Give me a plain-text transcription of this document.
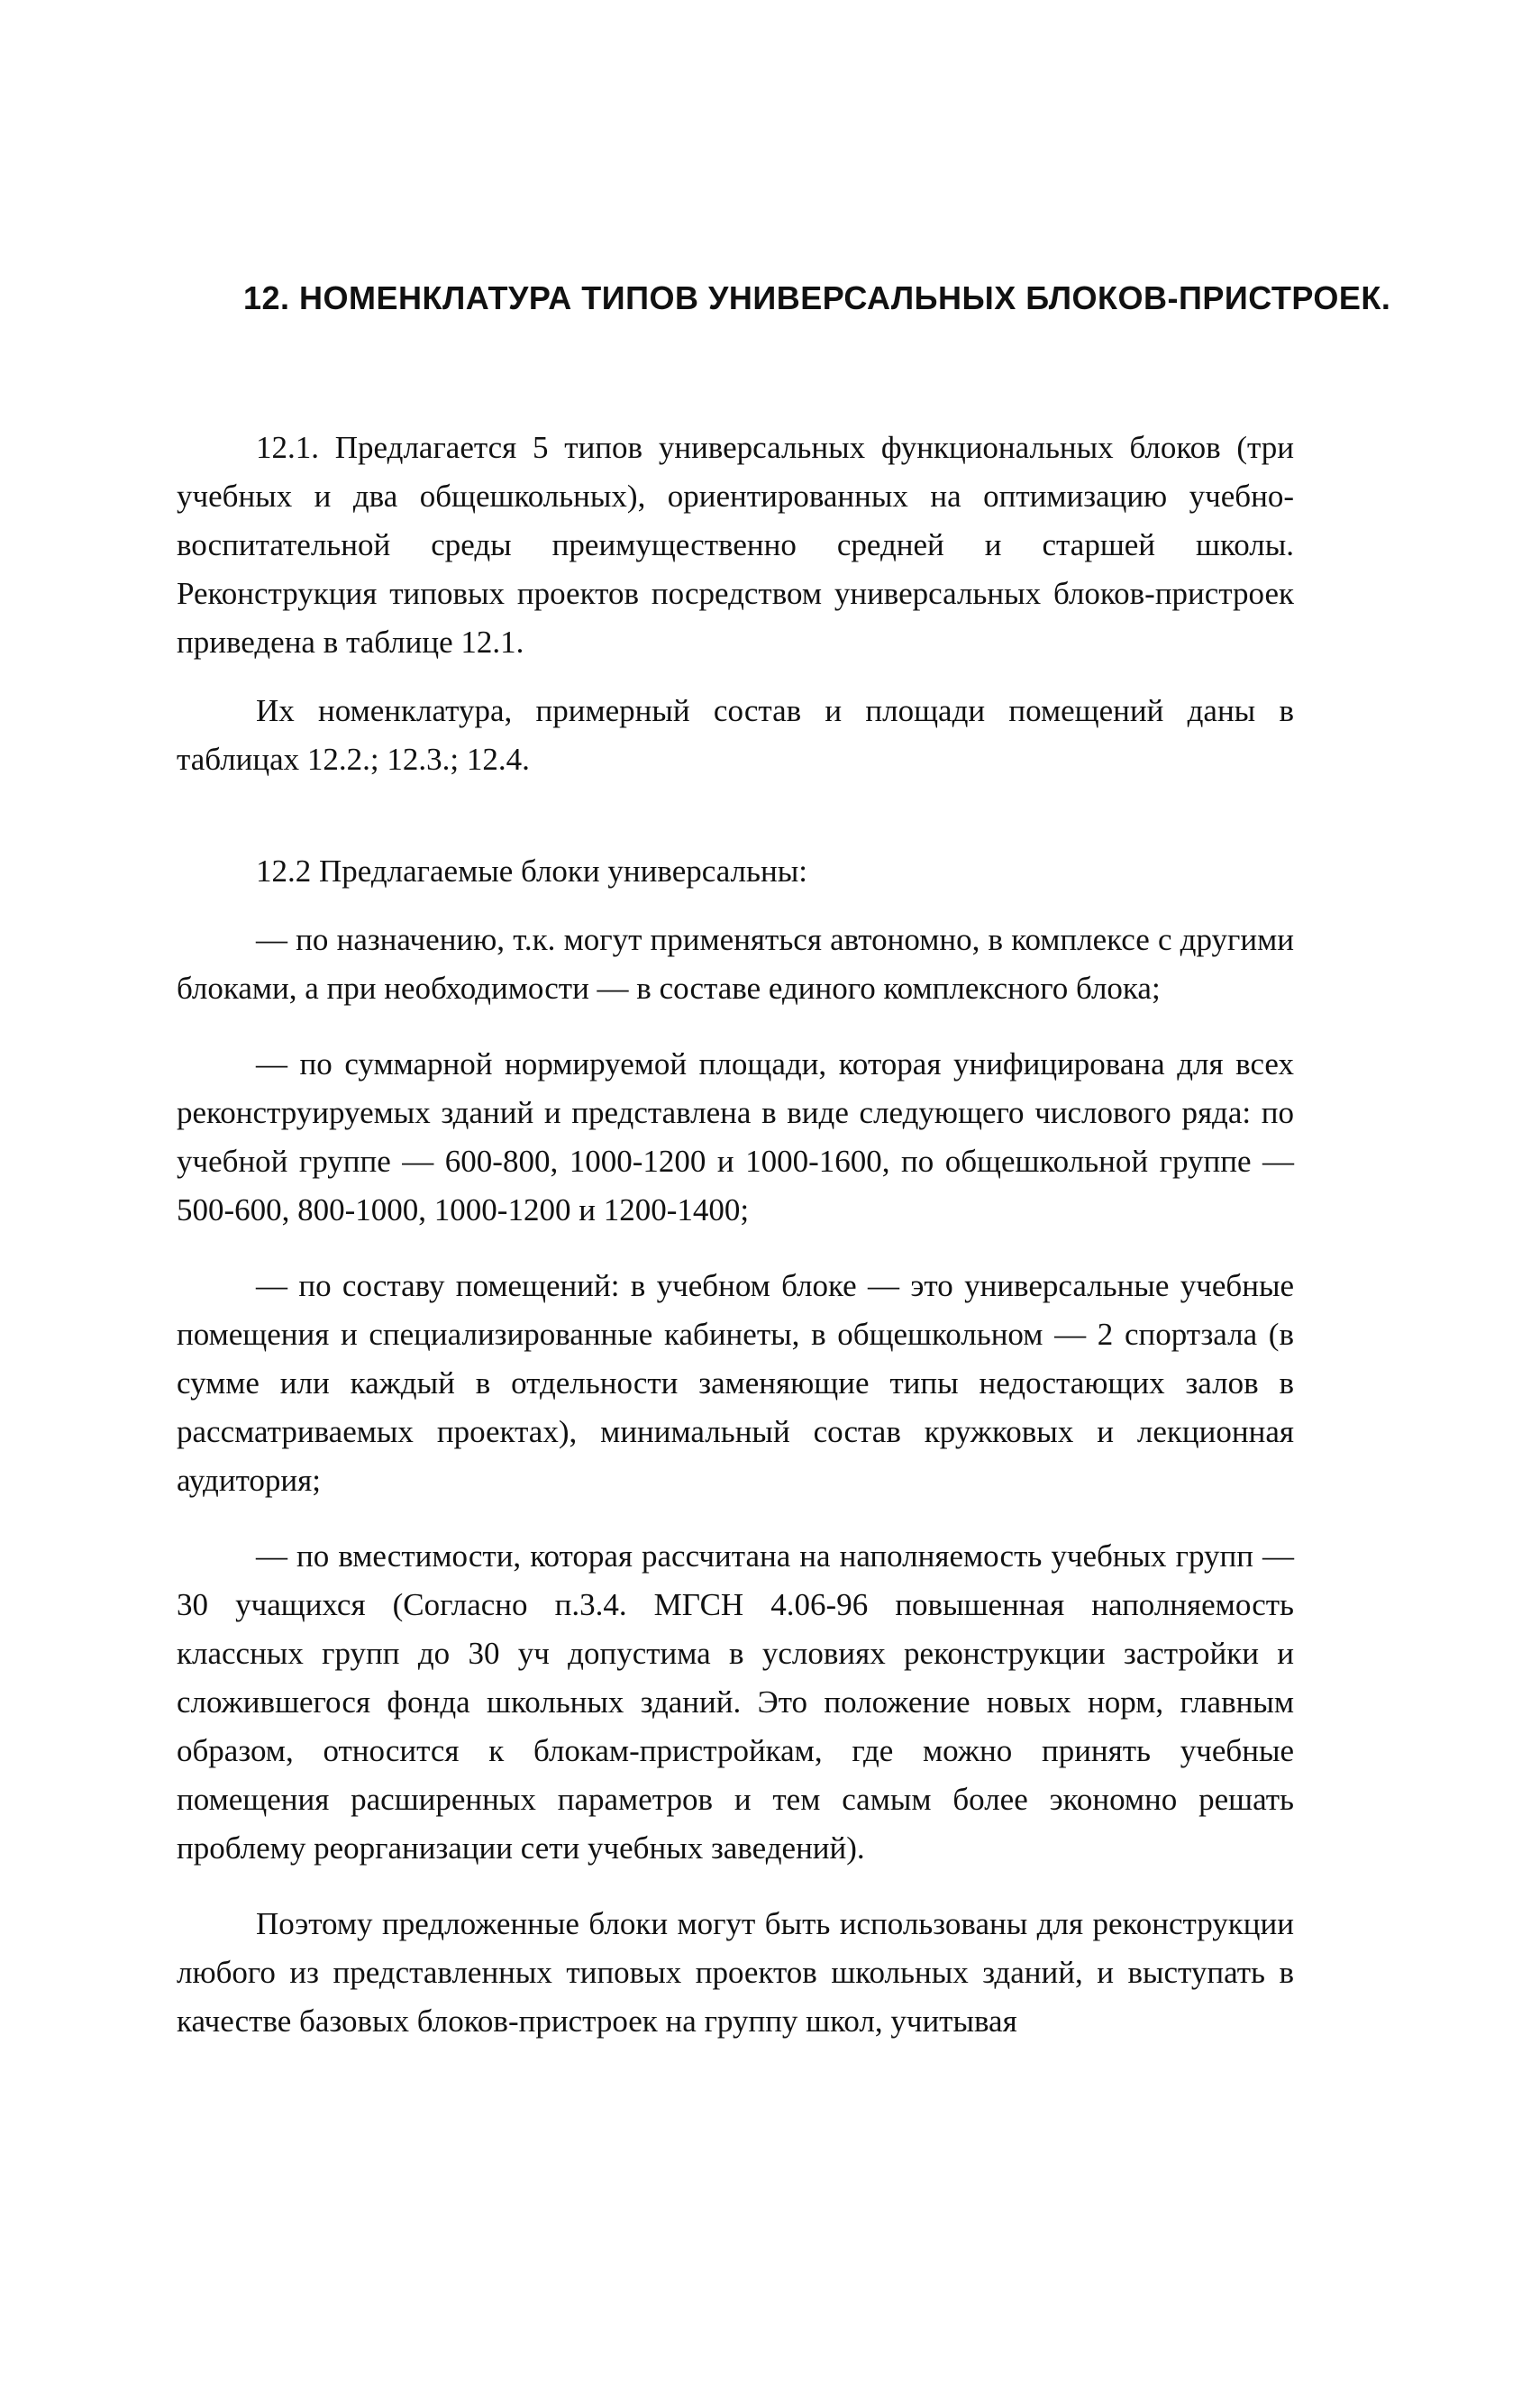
12. НОМЕНКЛАТУРА ТИПОВ УНИВЕРСАЛЬНЫХ БЛОКОВ-ПРИСТРОЕК.

12.1. Предлагается 5 типов универсальных функциональных блоков (три учебных и два общешкольных), ориентированных на оптимизацию учебно-воспитательной среды преимущественно средней и старшей школы. Реконструкция типовых проектов посредством универсальных блоков-пристроек приведена в таблице 12.1.

Их номенклатура, примерный состав и площади помещений даны в таблицах 12.2.; 12.3.; 12.4.

12.2 Предлагаемые блоки универсальны:

— по назначению, т.к. могут применяться автономно, в комплексе с другими блоками, а при необходимости — в составе единого комплексного блока;

— по суммарной нормируемой площади, которая унифицирована для всех реконструируемых зданий и представлена в виде следующего числового ряда: по учебной группе — 600-800, 1000-1200 и 1000-1600, по общешкольной группе — 500-600, 800-1000, 1000-1200 и 1200-1400;

— по составу помещений: в учебном блоке — это универсальные учебные помещения и специализированные кабинеты, в общешкольном — 2 спортзала (в сумме или каждый в отдельности заменяющие типы недостающих залов в рассматриваемых проектах), минимальный состав кружковых и лекционная аудитория;

— по вместимости, которая рассчитана на наполняемость учебных групп — 30 учащихся (Согласно п.3.4. МГСН 4.06-96 повышенная наполняемость классных групп до 30 уч допустима в условиях реконструкции застройки и сложившегося фонда школьных зданий. Это положение новых норм, главным образом, относится к блокам-пристройкам, где можно принять учебные помещения расширенных параметров и тем самым более экономно решать проблему реорганизации сети учебных заведений).

Поэтому предложенные блоки могут быть использованы для реконструкции любого из представленных типовых проектов школьных зданий, и выступать в качестве базовых блоков-пристроек на группу школ, учитывая
